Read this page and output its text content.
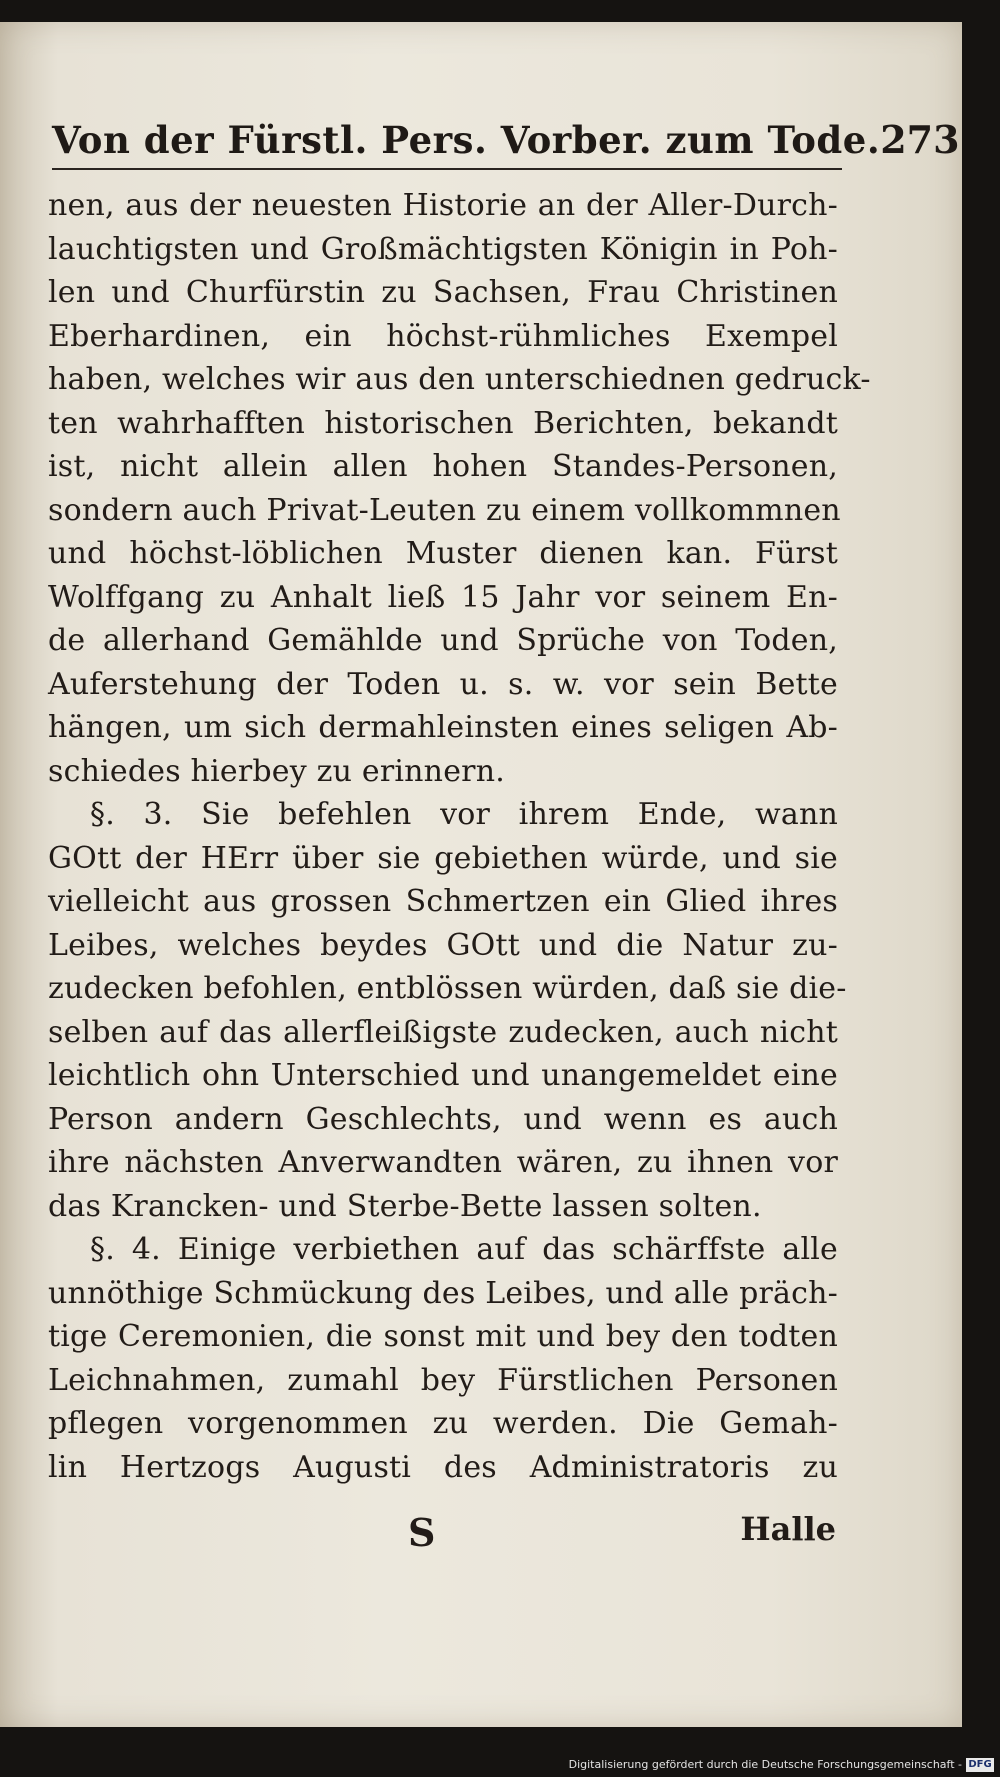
Von der Fürstl. Pers. Vorber. zum Tode. 273
nen, aus der neuesten Historie an der Aller-Durch-
lauchtigsten und Großmächtigsten Königin in Poh-
len und Churfürstin zu Sachsen, Frau Christinen
Eberhardinen, ein höchst-rühmliches Exempel
haben, welches wir aus den unterschiednen gedruck-
ten wahrhafften historischen Berichten, bekandt
ist, nicht allein allen hohen Standes-Personen,
sondern auch Privat-Leuten zu einem vollkommnen
und höchst-löblichen Muster dienen kan. Fürst
Wolffgang zu Anhalt ließ 15 Jahr vor seinem En-
de allerhand Gemählde und Sprüche von Toden,
Auferstehung der Toden u. s. w. vor sein Bette
hängen, um sich dermahleinsten eines seligen Ab-
schiedes hierbey zu erinnern.
§. 3. Sie befehlen vor ihrem Ende, wann
GOtt der HErr über sie gebiethen würde, und sie
vielleicht aus grossen Schmertzen ein Glied ihres
Leibes, welches beydes GOtt und die Natur zu-
zudecken befohlen, entblössen würden, daß sie die-
selben auf das allerfleißigste zudecken, auch nicht
leichtlich ohn Unterschied und unangemeldet eine
Person andern Geschlechts, und wenn es auch
ihre nächsten Anverwandten wären, zu ihnen vor
das Krancken- und Sterbe-Bette lassen solten.
§. 4. Einige verbiethen auf das schärffste alle
unnöthige Schmückung des Leibes, und alle präch-
tige Ceremonien, die sonst mit und bey den todten
Leichnahmen, zumahl bey Fürstlichen Personen
pflegen vorgenommen zu werden. Die Gemah-
lin Hertzogs Augusti des Administratoris zu
S	Halle
Digitalisierung gefördert durch die Deutsche Forschungsgemeinschaft - DFG
